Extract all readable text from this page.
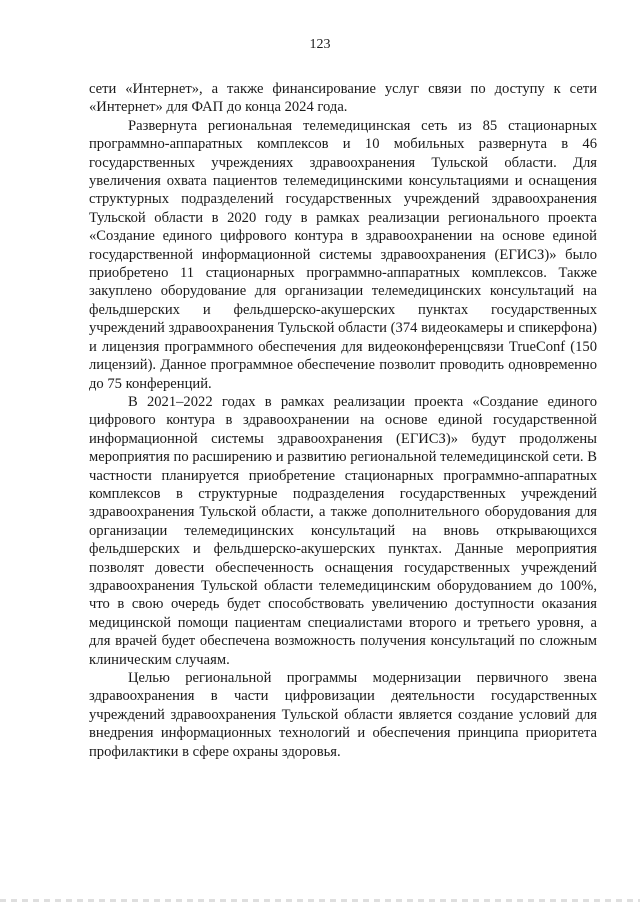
123

сети «Интернет», а также финансирование услуг связи по доступу к сети «Интернет» для ФАП до конца 2024 года.

Развернута региональная телемедицинская сеть из 85 стационарных программно-аппаратных комплексов и 10 мобильных развернута в 46 государственных учреждениях здравоохранения Тульской области. Для увеличения охвата пациентов телемедицинскими консультациями и оснащения структурных подразделений государственных учреждений здравоохранения Тульской области в 2020 году в рамках реализации регионального проекта «Создание единого цифрового контура в здравоохранении на основе единой государственной информационной системы здравоохранения (ЕГИСЗ)» было приобретено 11 стационарных программно-аппаратных комплексов. Также закуплено оборудование для организации телемедицинских консультаций на фельдшерских и фельдшерско-акушерских пунктах государственных учреждений здравоохранения Тульской области (374 видеокамеры и спикерфона) и лицензия программного обеспечения для видеоконференцсвязи TrueConf (150 лицензий). Данное программное обеспечение позволит проводить одновременно до 75 конференций.

В 2021–2022 годах в рамках реализации проекта «Создание единого цифрового контура в здравоохранении на основе единой государственной информационной системы здравоохранения (ЕГИСЗ)» будут продолжены мероприятия по расширению и развитию региональной телемедицинской сети. В частности планируется приобретение стационарных программно-аппаратных комплексов в структурные подразделения государственных учреждений здравоохранения Тульской области, а также дополнительного оборудования для организации телемедицинских консультаций на вновь открывающихся фельдшерских и фельдшерско-акушерских пунктах. Данные мероприятия позволят довести обеспеченность оснащения государственных учреждений здравоохранения Тульской области телемедицинским оборудованием до 100%, что в свою очередь будет способствовать увеличению доступности оказания медицинской помощи пациентам специалистами второго и третьего уровня, а для врачей будет обеспечена возможность получения консультаций по сложным клиническим случаям.

Целью региональной программы модернизации первичного звена здравоохранения в части цифровизации деятельности государственных учреждений здравоохранения Тульской области является создание условий для внедрения информационных технологий и обеспечения принципа приоритета профилактики в сфере охраны здоровья.
